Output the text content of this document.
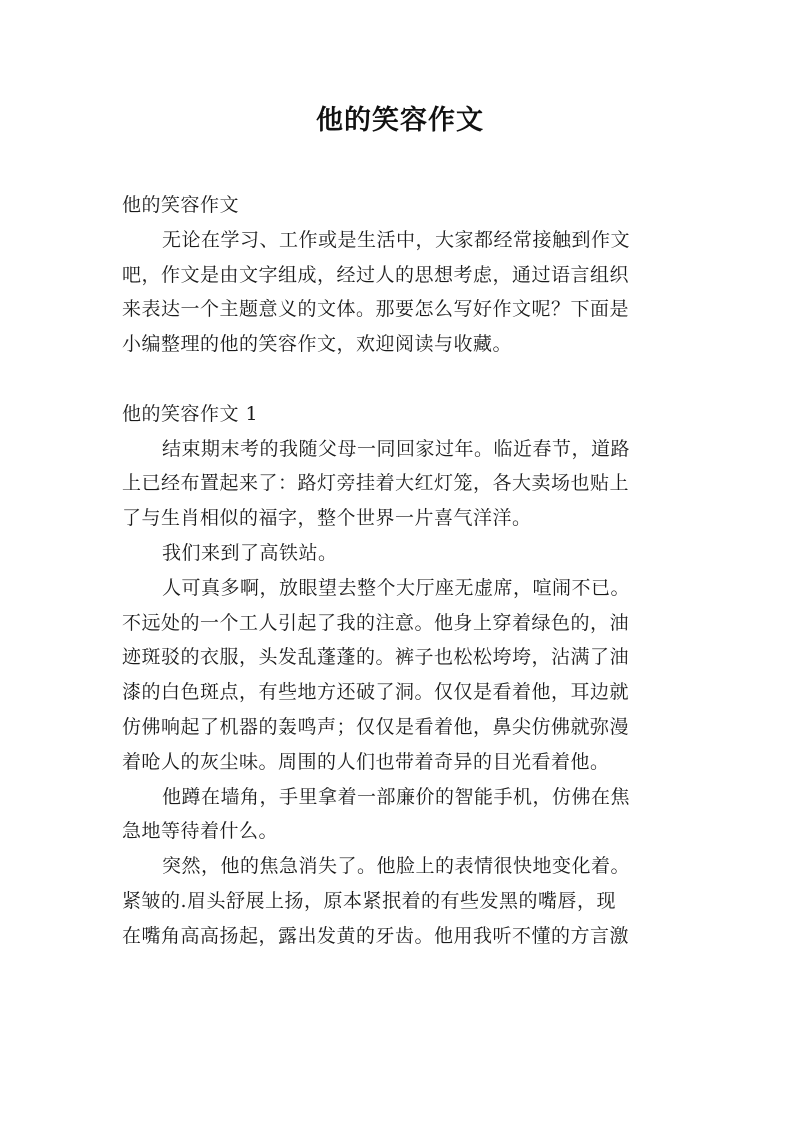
他的笑容作文
他的笑容作文
无论在学习、工作或是生活中，大家都经常接触到作文
吧，作文是由文字组成，经过人的思想考虑，通过语言组织
来表达一个主题意义的文体。那要怎么写好作文呢？下面是
小编整理的他的笑容作文，欢迎阅读与收藏。
他的笑容作文 1
结束期末考的我随父母一同回家过年。临近春节，道路
上已经布置起来了：路灯旁挂着大红灯笼，各大卖场也贴上
了与生肖相似的福字，整个世界一片喜气洋洋。
我们来到了高铁站。
人可真多啊，放眼望去整个大厅座无虚席，喧闹不已。
不远处的一个工人引起了我的注意。他身上穿着绿色的，油
迹斑驳的衣服，头发乱蓬蓬的。裤子也松松垮垮，沾满了油
漆的白色斑点，有些地方还破了洞。仅仅是看着他，耳边就
仿佛响起了机器的轰鸣声；仅仅是看着他，鼻尖仿佛就弥漫
着呛人的灰尘味。周围的人们也带着奇异的目光看着他。
他蹲在墙角，手里拿着一部廉价的智能手机，仿佛在焦
急地等待着什么。
突然，他的焦急消失了。他脸上的表情很快地变化着。
紧皱的.眉头舒展上扬，原本紧抿着的有些发黑的嘴唇，现
在嘴角高高扬起，露出发黄的牙齿。他用我听不懂的方言激
